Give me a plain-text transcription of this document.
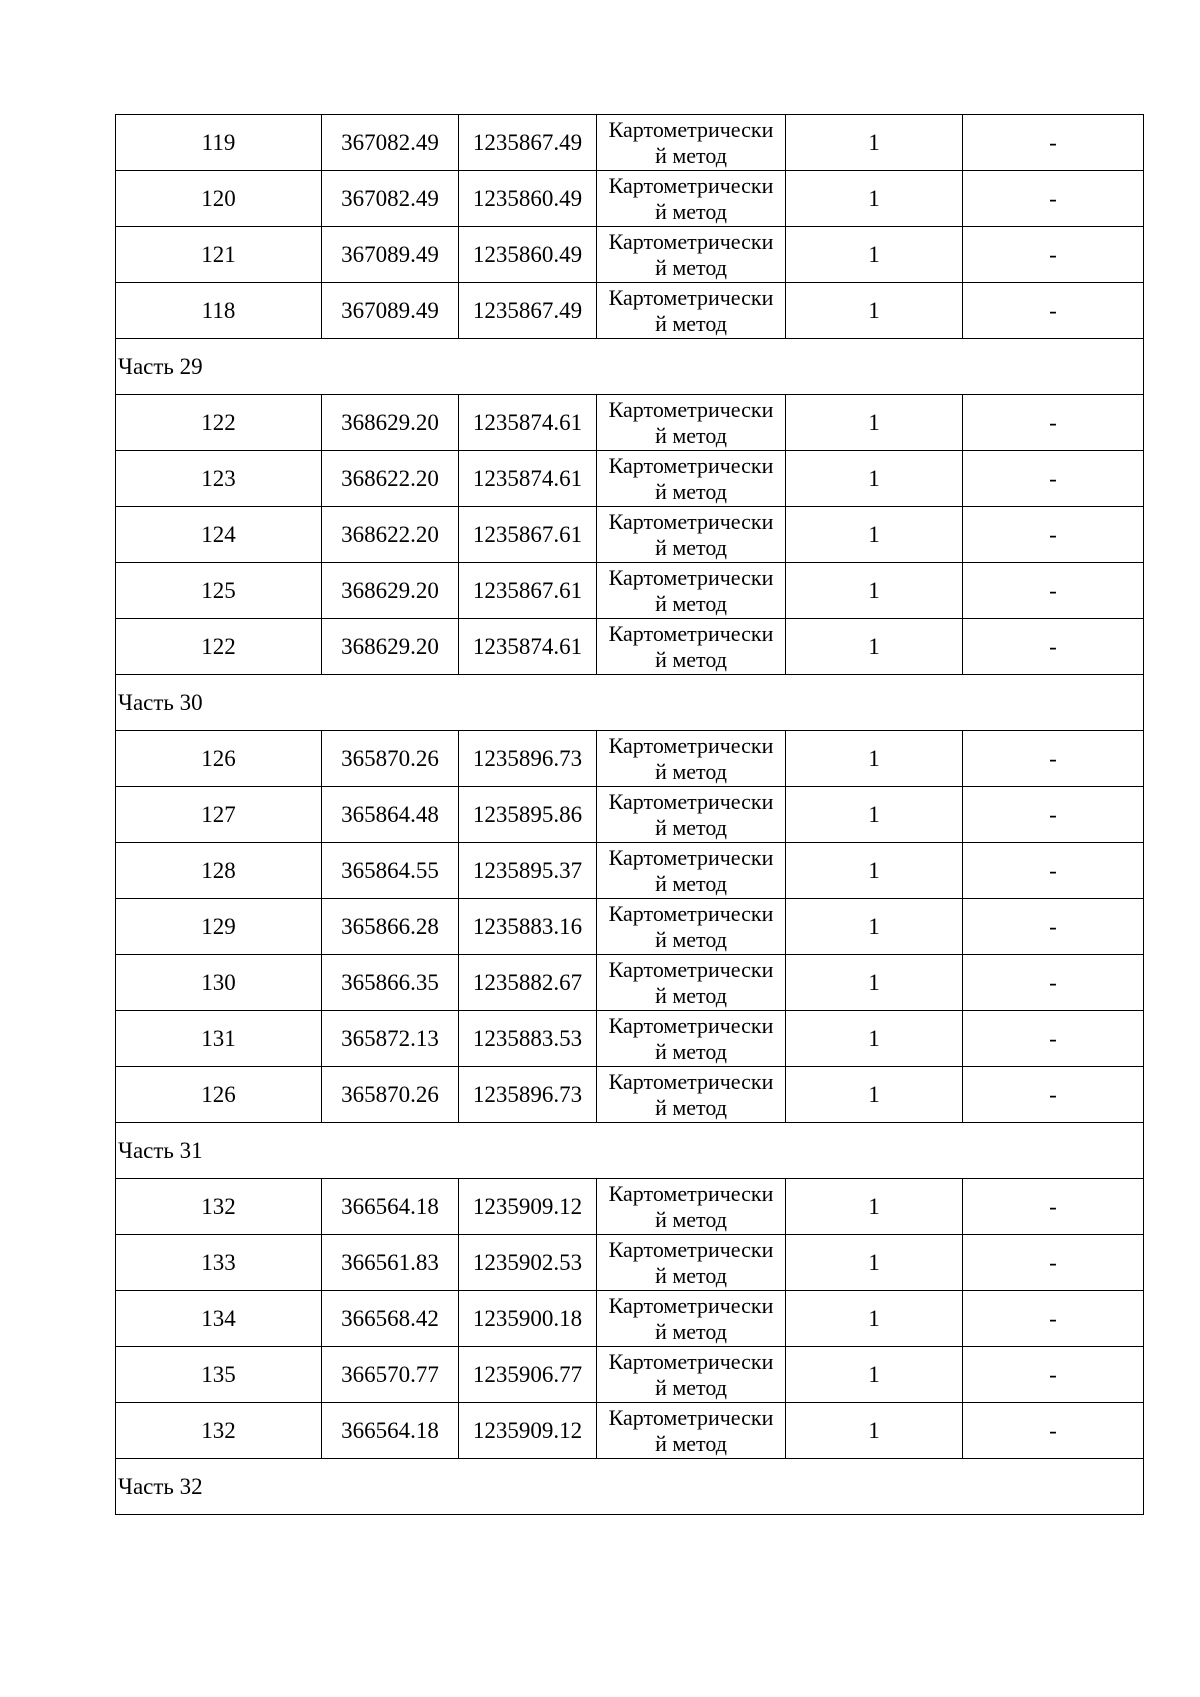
119	367082.49	1235867.49	Картометрически
й метод	1	-
120	367082.49	1235860.49	Картометрически
й метод	1	-
121	367089.49	1235860.49	Картометрически
й метод	1	-
118	367089.49	1235867.49	Картометрически
й метод	1	-
Часть 29					
122	368629.20	1235874.61	Картометрически
й метод	1	-
123	368622.20	1235874.61	Картометрически
й метод	1	-
124	368622.20	1235867.61	Картометрически
й метод	1	-
125	368629.20	1235867.61	Картометрически
й метод	1	-
122	368629.20	1235874.61	Картометрически
й метод	1	-
Часть 30					
126	365870.26	1235896.73	Картометрически
й метод	1	-
127	365864.48	1235895.86	Картометрически
й метод	1	-
128	365864.55	1235895.37	Картометрически
й метод	1	-
129	365866.28	1235883.16	Картометрически
й метод	1	-
130	365866.35	1235882.67	Картометрически
й метод	1	-
131	365872.13	1235883.53	Картометрически
й метод	1	-
126	365870.26	1235896.73	Картометрически
й метод	1	-
Часть 31					
132	366564.18	1235909.12	Картометрически
й метод	1	-
133	366561.83	1235902.53	Картометрически
й метод	1	-
134	366568.42	1235900.18	Картометрически
й метод	1	-
135	366570.77	1235906.77	Картометрически
й метод	1	-
132	366564.18	1235909.12	Картометрически
й метод	1	-
Часть 32					
